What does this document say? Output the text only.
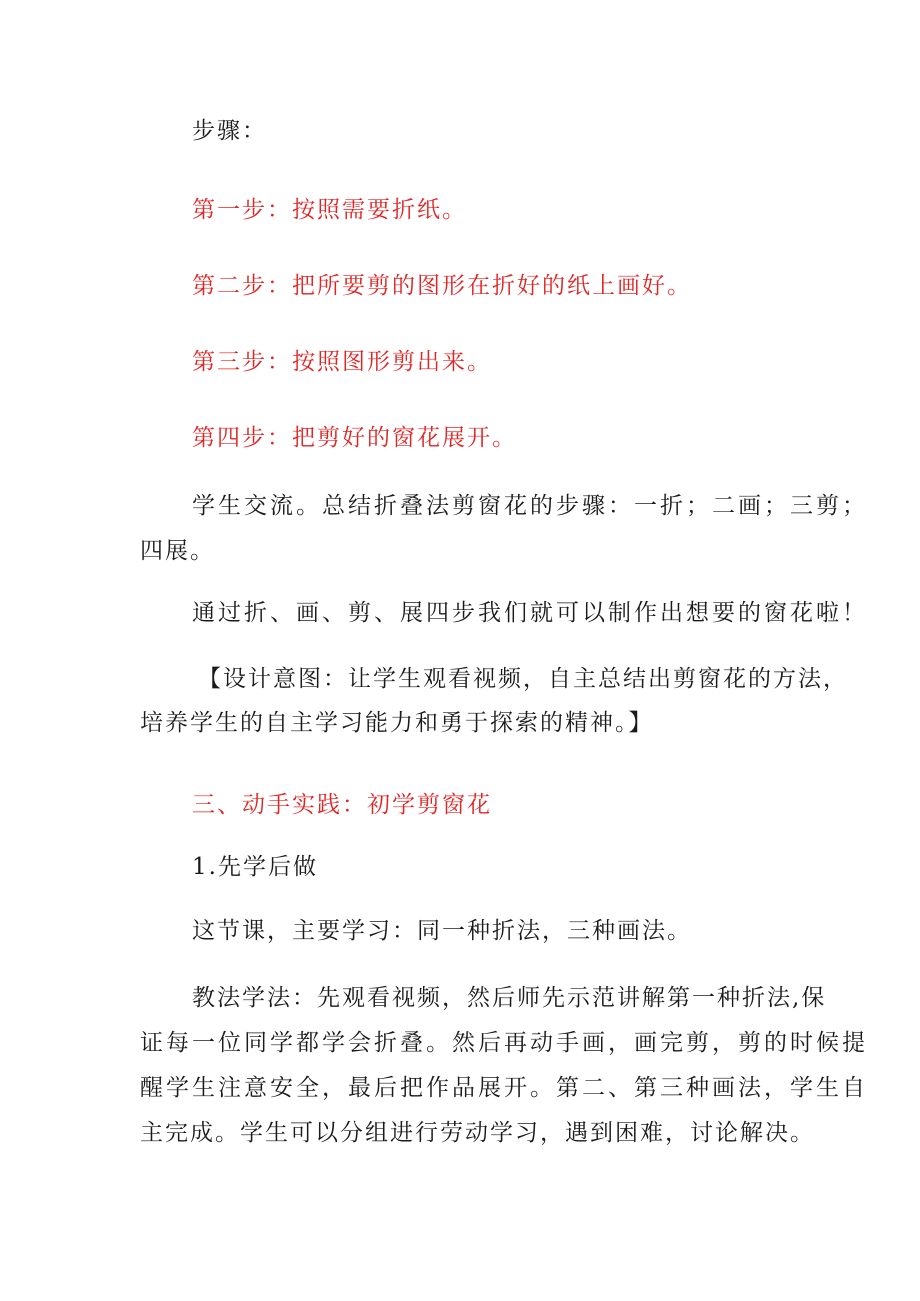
步骤：
第一步：按照需要折纸。
第二步：把所要剪的图形在折好的纸上画好。
第三步：按照图形剪出来。
第四步：把剪好的窗花展开。
学生交流。总结折叠法剪窗花的步骤：一折；二画；三剪；
四展。
通过折、画、剪、展四步我们就可以制作出想要的窗花啦！
【设计意图：让学生观看视频，自主总结出剪窗花的方法，
培养学生的自主学习能力和勇于探索的精神。】
三、动手实践：初学剪窗花
1.先学后做
这节课，主要学习：同一种折法，三种画法。
教法学法：先观看视频，然后师先示范讲解第一种折法,保
证每一位同学都学会折叠。然后再动手画，画完剪，剪的时候提
醒学生注意安全，最后把作品展开。第二、第三种画法，学生自
主完成。学生可以分组进行劳动学习，遇到困难，讨论解决。
